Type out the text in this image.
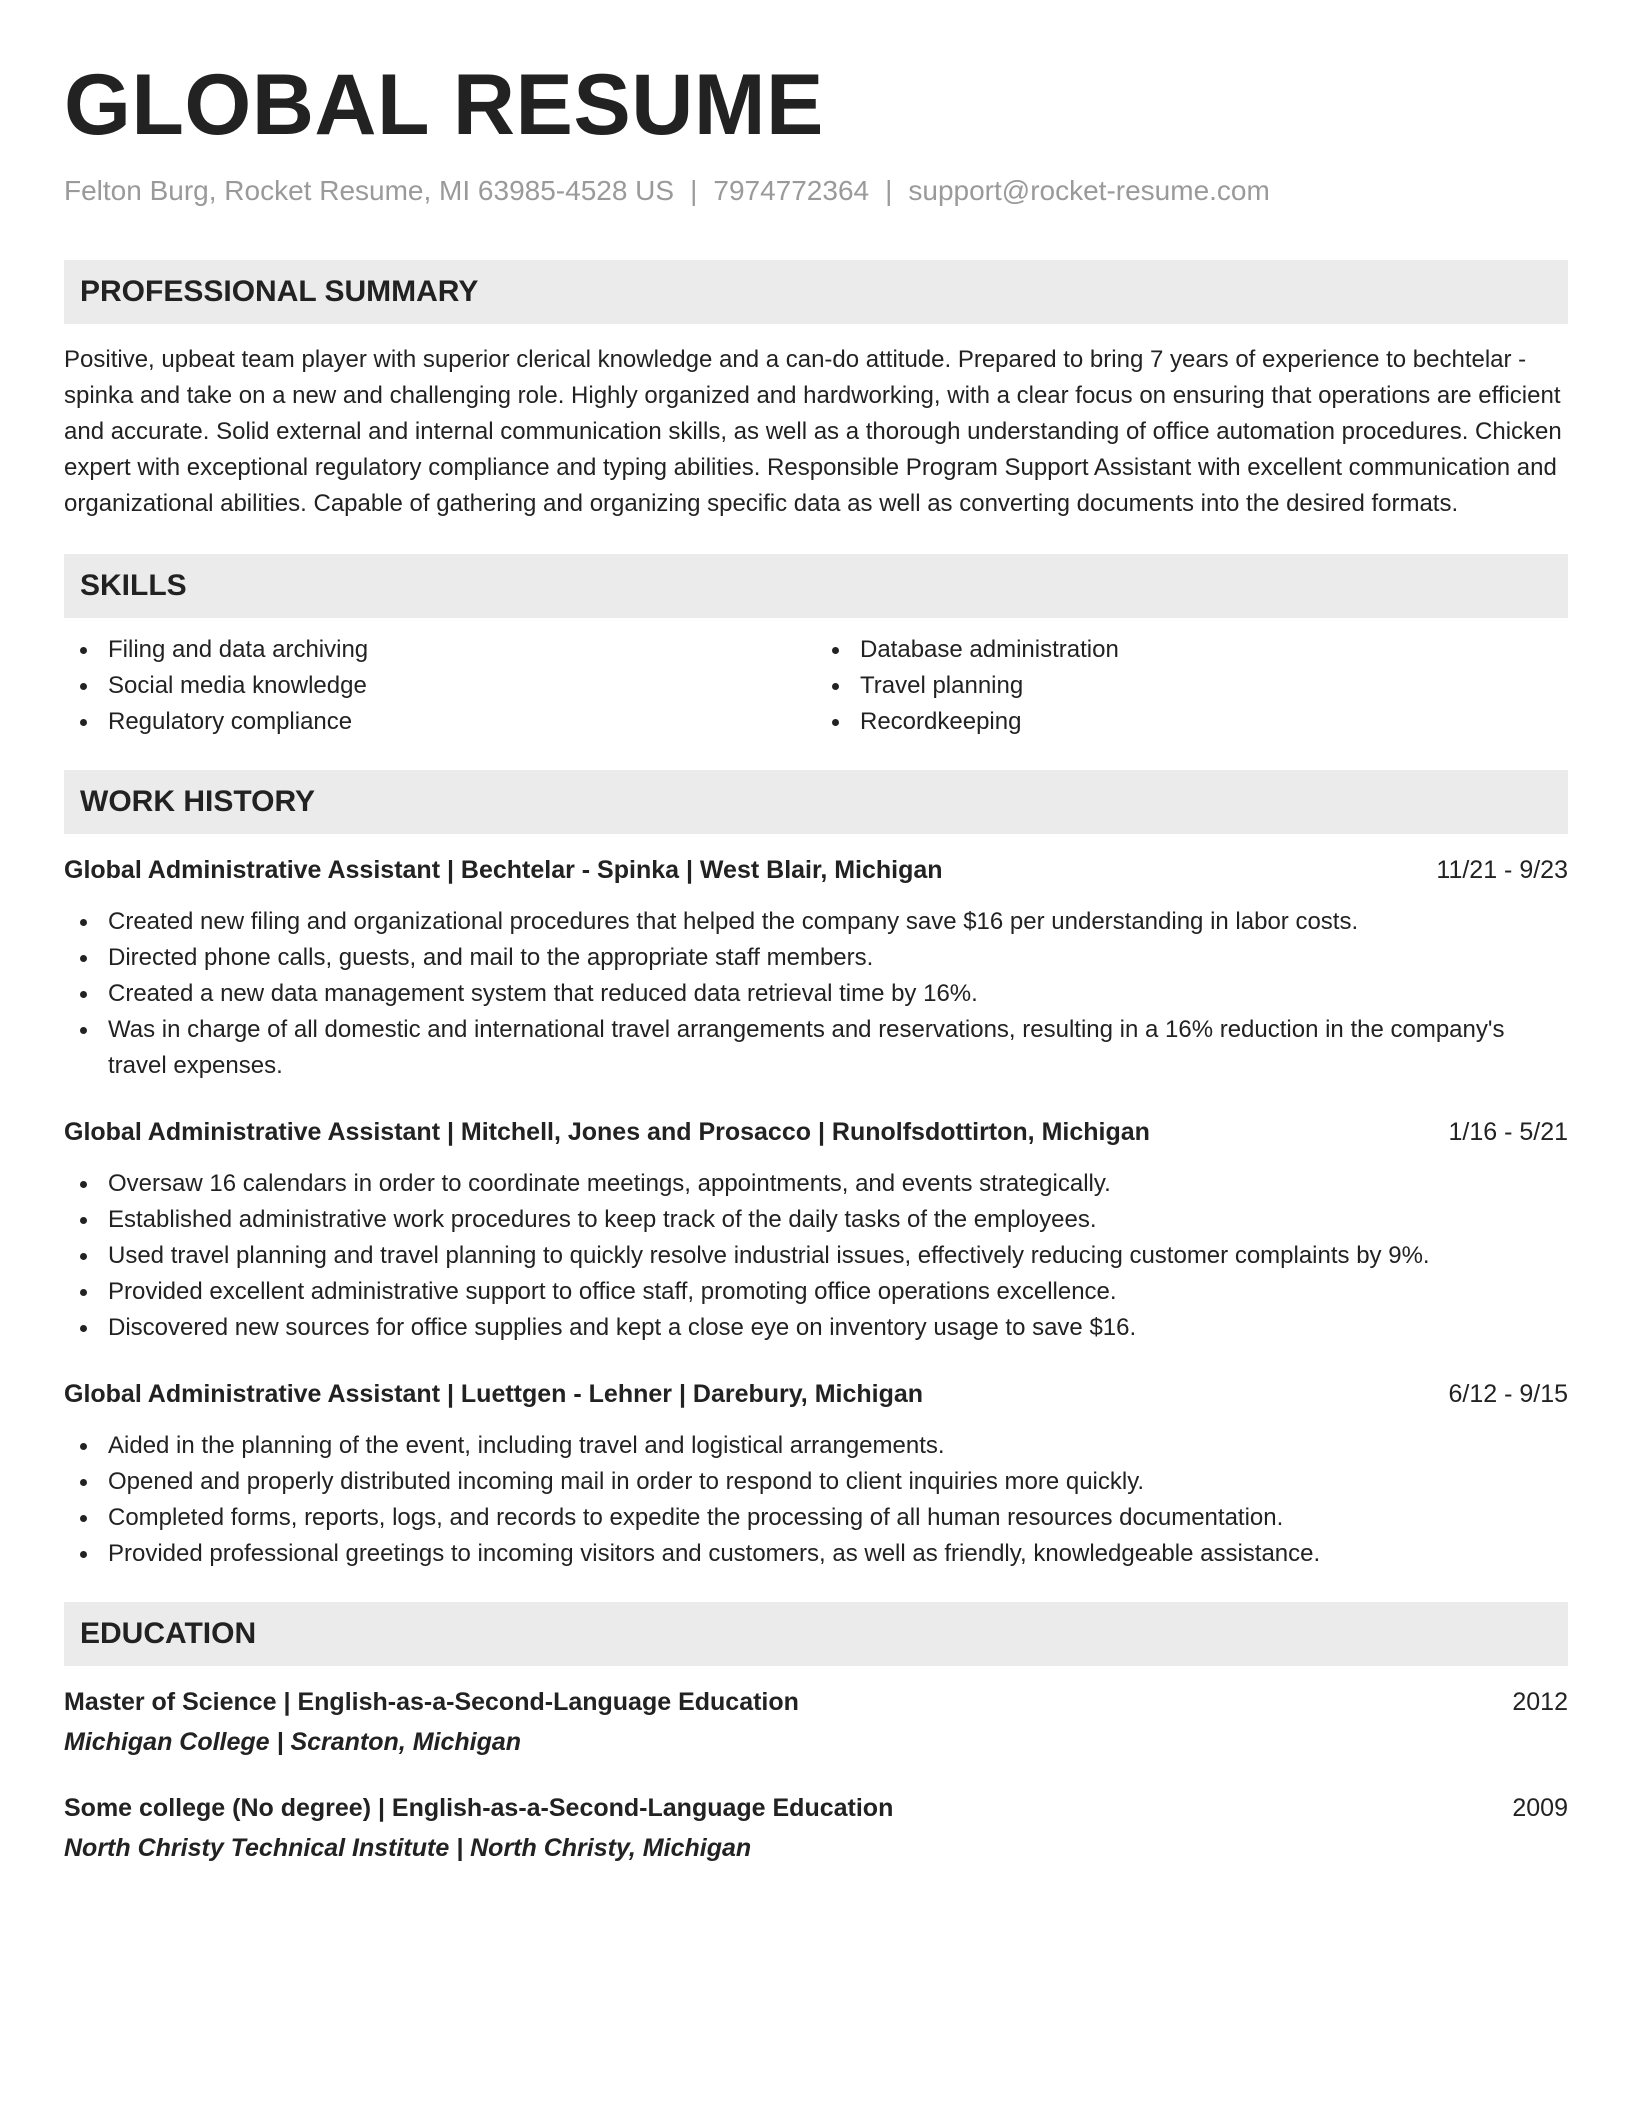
GLOBAL RESUME
Felton Burg, Rocket Resume, MI 63985-4528 US | 7974772364 | support@rocket-resume.com
PROFESSIONAL SUMMARY

Positive, upbeat team player with superior clerical knowledge and a can-do attitude. Prepared to bring 7 years of experience to bechtelar - spinka and take on a new and challenging role. Highly organized and hardworking, with a clear focus on ensuring that operations are efficient and accurate. Solid external and internal communication skills, as well as a thorough understanding of office automation procedures. Chicken expert with exceptional regulatory compliance and typing abilities. Responsible Program Support Assistant with excellent communication and organizational abilities. Capable of gathering and organizing specific data as well as converting documents into the desired formats.

SKILLS
Filing and data archiving
Social media knowledge
Regulatory compliance
Database administration
Travel planning
Recordkeeping
WORK HISTORY
Global Administrative Assistant | Bechtelar - Spinka | West Blair, Michigan	11/21 - 9/23
Created new filing and organizational procedures that helped the company save $16 per understanding in labor costs.
Directed phone calls, guests, and mail to the appropriate staff members.
Created a new data management system that reduced data retrieval time by 16%.
Was in charge of all domestic and international travel arrangements and reservations, resulting in a 16% reduction in the company's travel expenses.
Global Administrative Assistant | Mitchell, Jones and Prosacco | Runolfsdottirton, Michigan	1/16 - 5/21
Oversaw 16 calendars in order to coordinate meetings, appointments, and events strategically.
Established administrative work procedures to keep track of the daily tasks of the employees.
Used travel planning and travel planning to quickly resolve industrial issues, effectively reducing customer complaints by 9%.
Provided excellent administrative support to office staff, promoting office operations excellence.
Discovered new sources for office supplies and kept a close eye on inventory usage to save $16.
Global Administrative Assistant | Luettgen - Lehner | Darebury, Michigan	6/12 - 9/15
Aided in the planning of the event, including travel and logistical arrangements.
Opened and properly distributed incoming mail in order to respond to client inquiries more quickly.
Completed forms, reports, logs, and records to expedite the processing of all human resources documentation.
Provided professional greetings to incoming visitors and customers, as well as friendly, knowledgeable assistance.
EDUCATION
Master of Science | English-as-a-Second-Language Education	2012
Michigan College | Scranton, Michigan
Some college (No degree) | English-as-a-Second-Language Education	2009
North Christy Technical Institute | North Christy, Michigan
